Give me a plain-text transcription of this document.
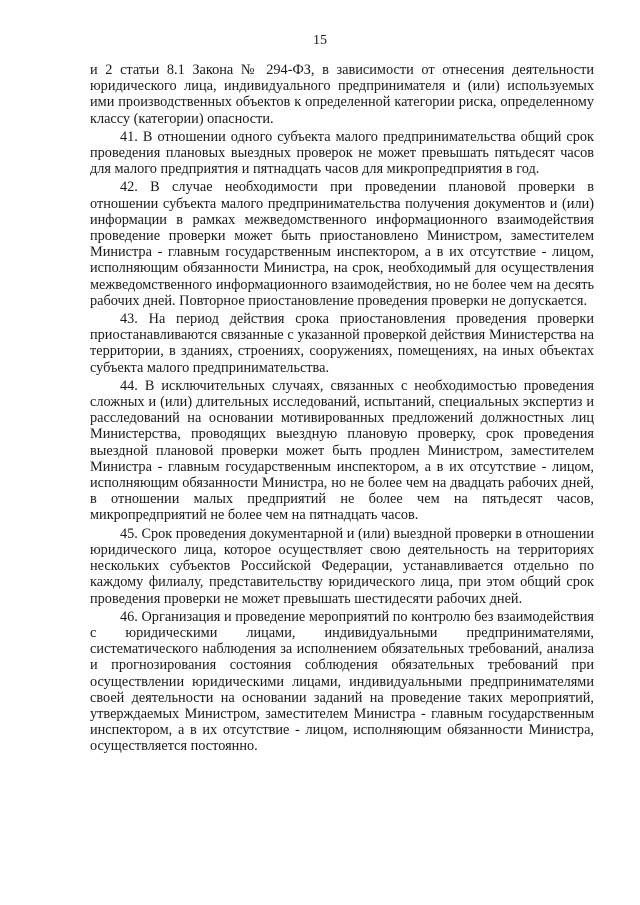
15

и 2 статьи 8.1 Закона № 294-ФЗ, в зависимости от отнесения деятельности юридического лица, индивидуального предпринимателя и (или) используемых ими производственных объектов к определенной категории риска, определенному классу (категории) опасности.

41. В отношении одного субъекта малого предпринимательства общий срок проведения плановых выездных проверок не может превышать пятьдесят часов для малого предприятия и пятнадцать часов для микропредприятия в год.

42. В случае необходимости при проведении плановой проверки в отношении субъекта малого предпринимательства получения документов и (или) информации в рамках межведомственного информационного взаимодействия проведение проверки может быть приостановлено Министром, заместителем Министра - главным государственным инспектором, а в их отсутствие - лицом, исполняющим обязанности Министра, на срок, необходимый для осуществления межведомственного информационного взаимодействия, но не более чем на десять рабочих дней. Повторное приостановление проведения проверки не допускается.

43. На период действия срока приостановления проведения проверки приостанавливаются связанные с указанной проверкой действия Министерства на территории, в зданиях, строениях, сооружениях, помещениях, на иных объектах субъекта малого предпринимательства.

44. В исключительных случаях, связанных с необходимостью проведения сложных и (или) длительных исследований, испытаний, специальных экспертиз и расследований на основании мотивированных предложений должностных лиц Министерства, проводящих выездную плановую проверку, срок проведения выездной плановой проверки может быть продлен Министром, заместителем Министра - главным государственным инспектором, а в их отсутствие - лицом, исполняющим обязанности Министра, но не более чем на двадцать рабочих дней, в отношении малых предприятий не более чем на пятьдесят часов, микропредприятий не более чем на пятнадцать часов.

45. Срок проведения документарной и (или) выездной проверки в отношении юридического лица, которое осуществляет свою деятельность на территориях нескольких субъектов Российской Федерации, устанавливается отдельно по каждому филиалу, представительству юридического лица, при этом общий срок проведения проверки не может превышать шестидесяти рабочих дней.

46. Организация и проведение мероприятий по контролю без взаимодействия с юридическими лицами, индивидуальными предпринимателями, систематического наблюдения за исполнением обязательных требований, анализа и прогнозирования состояния соблюдения обязательных требований при осуществлении юридическими лицами, индивидуальными предпринимателями своей деятельности на основании заданий на проведение таких мероприятий, утверждаемых Министром, заместителем Министра - главным государственным инспектором, а в их отсутствие - лицом, исполняющим обязанности Министра, осуществляется постоянно.
